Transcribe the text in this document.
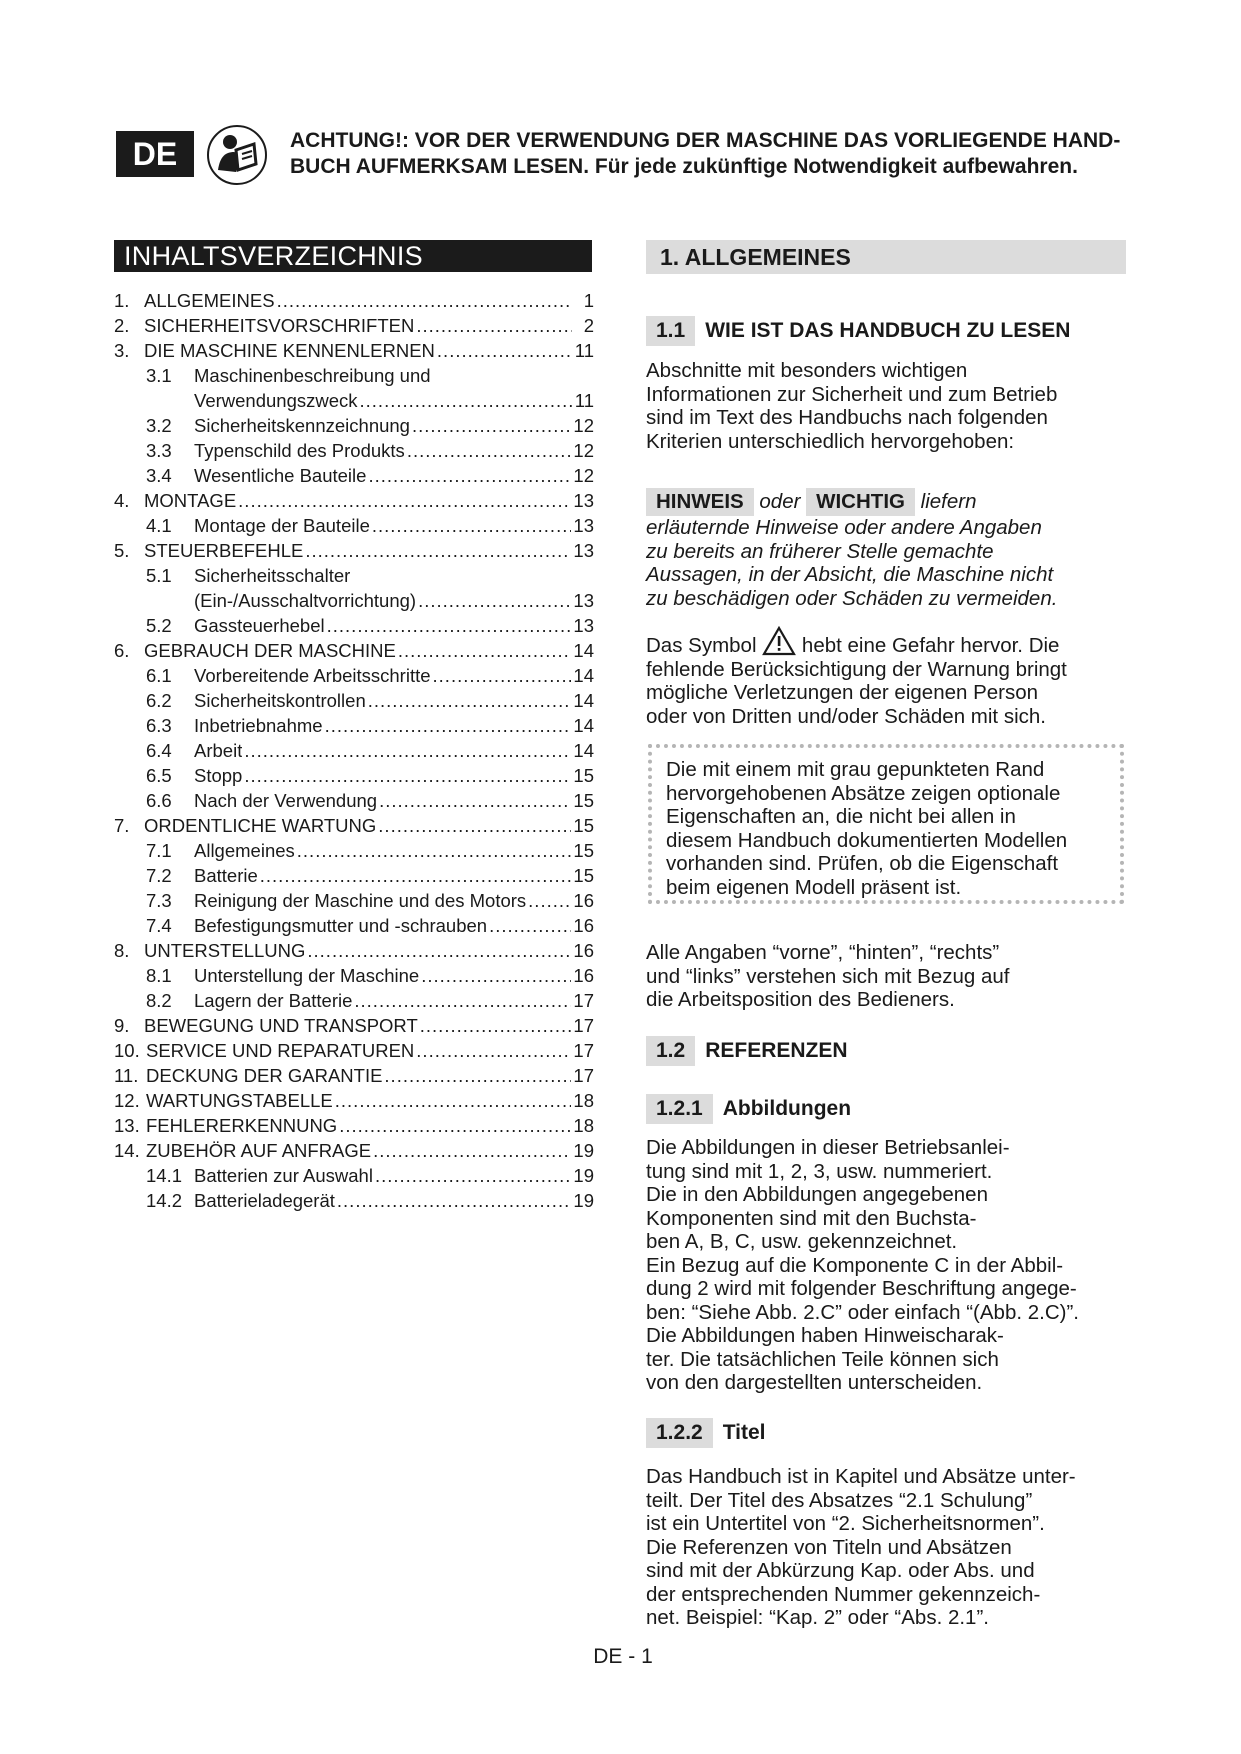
DE	ACHTUNG!: VOR DER VERWENDUNG DER MASCHINE DAS VORLIEGENDE HAND-
BUCH AUFMERKSAM LESEN. Für jede zukünftige Notwendigkeit aufbewahren.
INHALTSVERZEICHNIS
1. ALLGEMEINES .....	1
2. SICHERHEITSVORSCHRIFTEN .....	2
3. DIE MASCHINE KENNENLERNEN .....	11
3.1	Maschinenbeschreibung und
Verwendungszweck .....	11
3.2	Sicherheitskennzeichnung .....	12
3.3	Typenschild des Produkts .....	12
3.4	Wesentliche Bauteile .....	12
4. MONTAGE .....	13
4.1	Montage der Bauteile .....	13
5. STEUERBEFEHLE .....	13
5.1	Sicherheitsschalter
(Ein-/Ausschaltvorrichtung) .....	13
5.2	Gassteuerhebel .....	13
6. GEBRAUCH DER MASCHINE .....	14
6.1	Vorbereitende Arbeitsschritte .....	14
6.2	Sicherheitskontrollen .....	14
6.3	Inbetriebnahme .....	14
6.4	Arbeit .....	14
6.5	Stopp .....	15
6.6	Nach der Verwendung .....	15
7. ORDENTLICHE WARTUNG .....	15
7.1	Allgemeines .....	15
7.2	Batterie .....	15
7.3	Reinigung der Maschine und des Motors .....	16
7.4	Befestigungsmutter und -schrauben .....	16
8. UNTERSTELLUNG .....	16
8.1	Unterstellung der Maschine .....	16
8.2	Lagern der Batterie .....	17
9. BEWEGUNG UND TRANSPORT .....	17
10. SERVICE UND REPARATUREN .....	17
11. DECKUNG DER GARANTIE .....	17
12. WARTUNGSTABELLE .....	18
13. FEHLERERKENNUNG .....	18
14. ZUBEHÖR AUF ANFRAGE .....	19
14.1 Batterien zur Auswahl .....	19
14.2 Batterieladegerät .....	19
1. ALLGEMEINES
1.1 WIE IST DAS HANDBUCH ZU LESEN
Abschnitte mit besonders wichtigen
Informationen zur Sicherheit und zum Betrieb
sind im Text des Handbuchs nach folgenden
Kriterien unterschiedlich hervorgehoben:
HINWEIS oder WICHTIG liefern
erläuternde Hinweise oder andere Angaben
zu bereits an früherer Stelle gemachte
Aussagen, in der Absicht, die Maschine nicht
zu beschädigen oder Schäden zu vermeiden.
Das Symbol hebt eine Gefahr hervor. Die
fehlende Berücksichtigung der Warnung bringt
mögliche Verletzungen der eigenen Person
oder von Dritten und/oder Schäden mit sich.
Die mit einem mit grau gepunkteten Rand
hervorgehobenen Absätze zeigen optionale
Eigenschaften an, die nicht bei allen in
diesem Handbuch dokumentierten Modellen
vorhanden sind. Prüfen, ob die Eigenschaft
beim eigenen Modell präsent ist.
Alle Angaben “vorne”, “hinten”, “rechts”
und “links” verstehen sich mit Bezug auf
die Arbeitsposition des Bedieners.
1.2 REFERENZEN
1.2.1 Abbildungen
Die Abbildungen in dieser Betriebsanlei-
tung sind mit 1, 2, 3, usw. nummeriert.
Die in den Abbildungen angegebenen
Komponenten sind mit den Buchsta-
ben A, B, C, usw. gekennzeichnet.
Ein Bezug auf die Komponente C in der Abbil-
dung 2 wird mit folgender Beschriftung angege-
ben: “Siehe Abb. 2.C” oder einfach “(Abb. 2.C)”.
Die Abbildungen haben Hinweischarak-
ter. Die tatsächlichen Teile können sich
von den dargestellten unterscheiden.
1.2.2 Titel
Das Handbuch ist in Kapitel und Absätze unter-
teilt. Der Titel des Absatzes “2.1 Schulung”
ist ein Untertitel von “2. Sicherheitsnormen”.
Die Referenzen von Titeln und Absätzen
sind mit der Abkürzung Kap. oder Abs. und
der entsprechenden Nummer gekennzeich-
net. Beispiel: “Kap. 2” oder “Abs. 2.1”.
DE - 1
